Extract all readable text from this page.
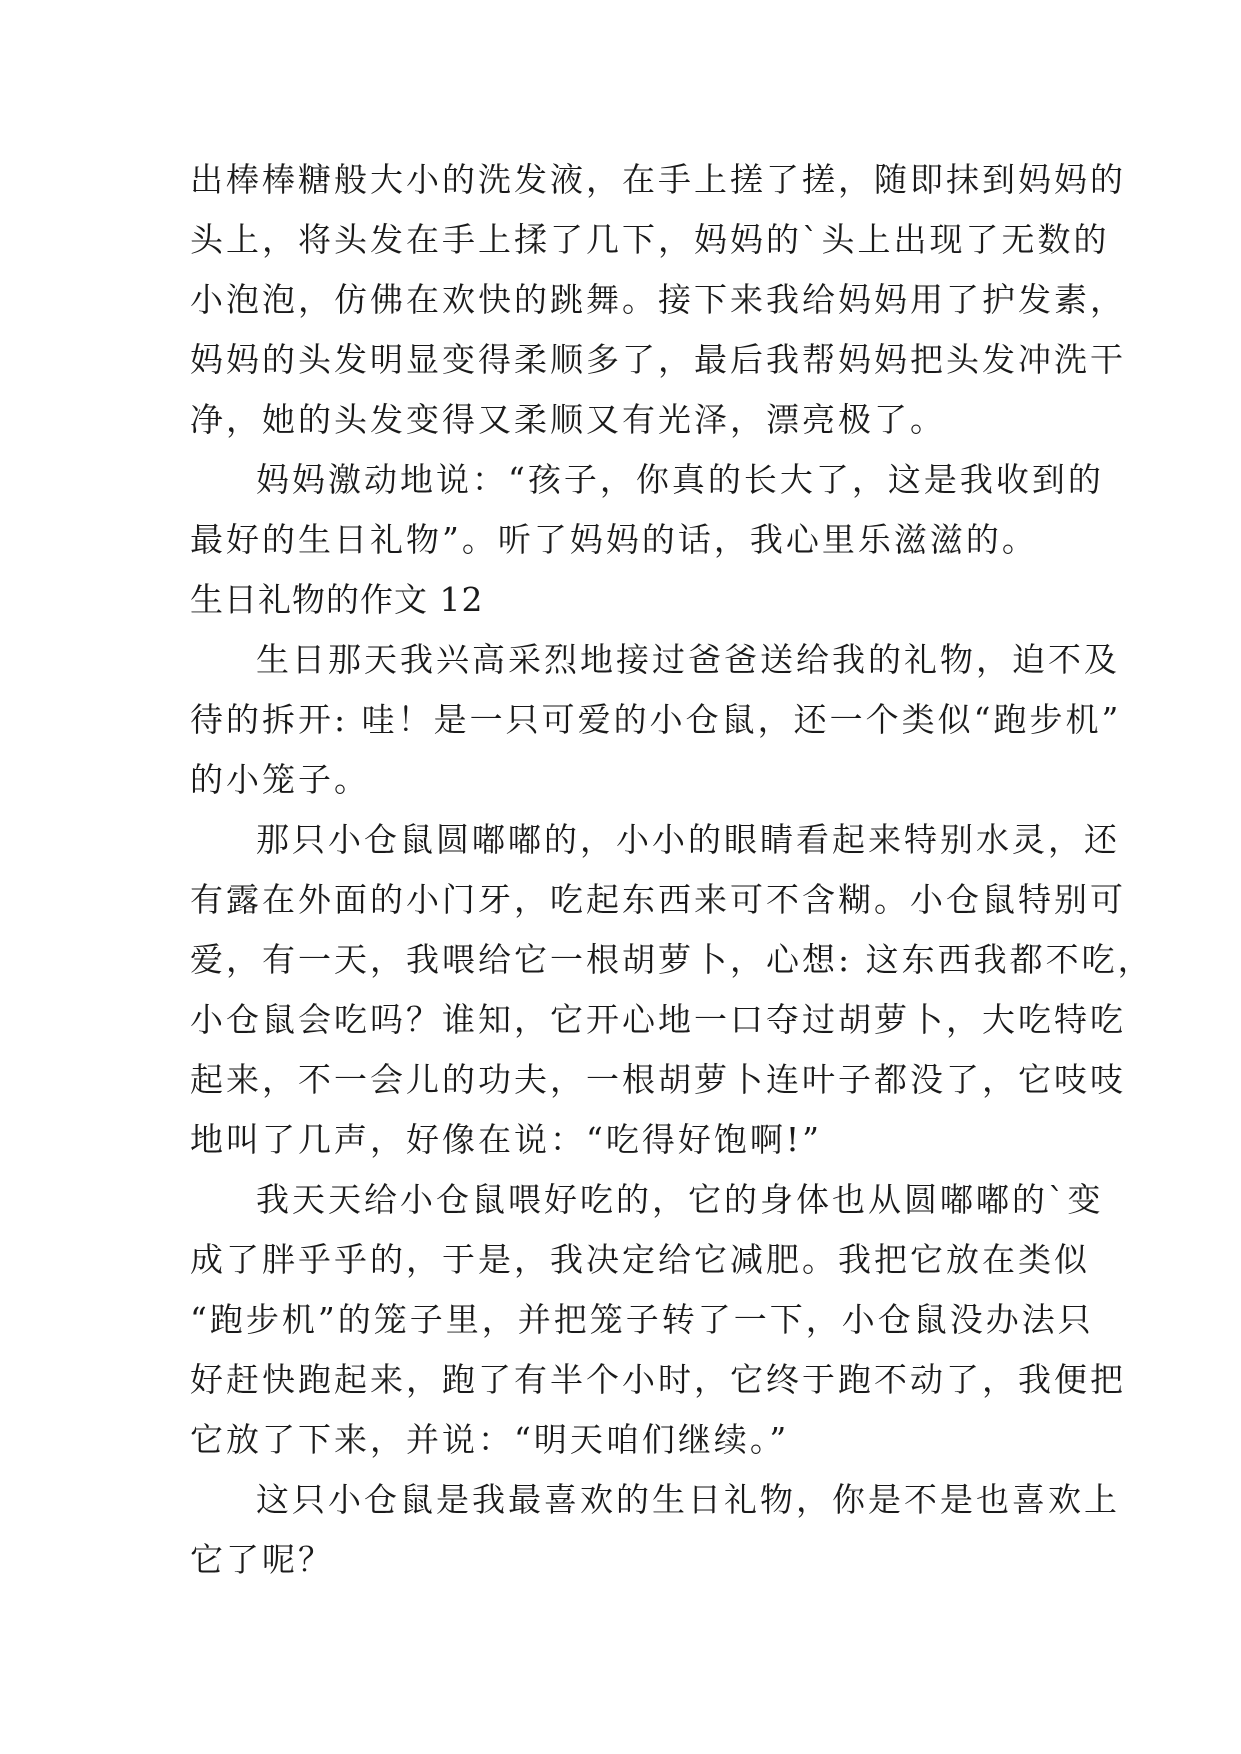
出棒棒糖般大小的洗发液，在手上搓了搓，随即抹到妈妈的
头上，将头发在手上揉了几下，妈妈的`头上出现了无数的
小泡泡，仿佛在欢快的跳舞。接下来我给妈妈用了护发素，
妈妈的头发明显变得柔顺多了，最后我帮妈妈把头发冲洗干
净，她的头发变得又柔顺又有光泽，漂亮极了。
妈妈激动地说：“孩子，你真的长大了，这是我收到的
最好的生日礼物”。听了妈妈的话，我心里乐滋滋的。
生日礼物的作文 12
生日那天我兴高采烈地接过爸爸送给我的礼物，迫不及
待的拆开: 哇！是一只可爱的小仓鼠，还一个类似“跑步机”
的小笼子。
那只小仓鼠圆嘟嘟的，小小的眼睛看起来特别水灵，还
有露在外面的小门牙，吃起东西来可不含糊。小仓鼠特别可
爱，有一天，我喂给它一根胡萝卜，心想: 这东西我都不吃，
小仓鼠会吃吗？谁知，它开心地一口夺过胡萝卜，大吃特吃
起来，不一会儿的功夫，一根胡萝卜连叶子都没了，它吱吱
地叫了几声，好像在说：“吃得好饱啊!”
我天天给小仓鼠喂好吃的，它的身体也从圆嘟嘟的`变
成了胖乎乎的，于是，我决定给它减肥。我把它放在类似
“跑步机”的笼子里，并把笼子转了一下，小仓鼠没办法只
好赶快跑起来，跑了有半个小时，它终于跑不动了，我便把
它放了下来，并说：“明天咱们继续。”
这只小仓鼠是我最喜欢的生日礼物，你是不是也喜欢上
它了呢？
